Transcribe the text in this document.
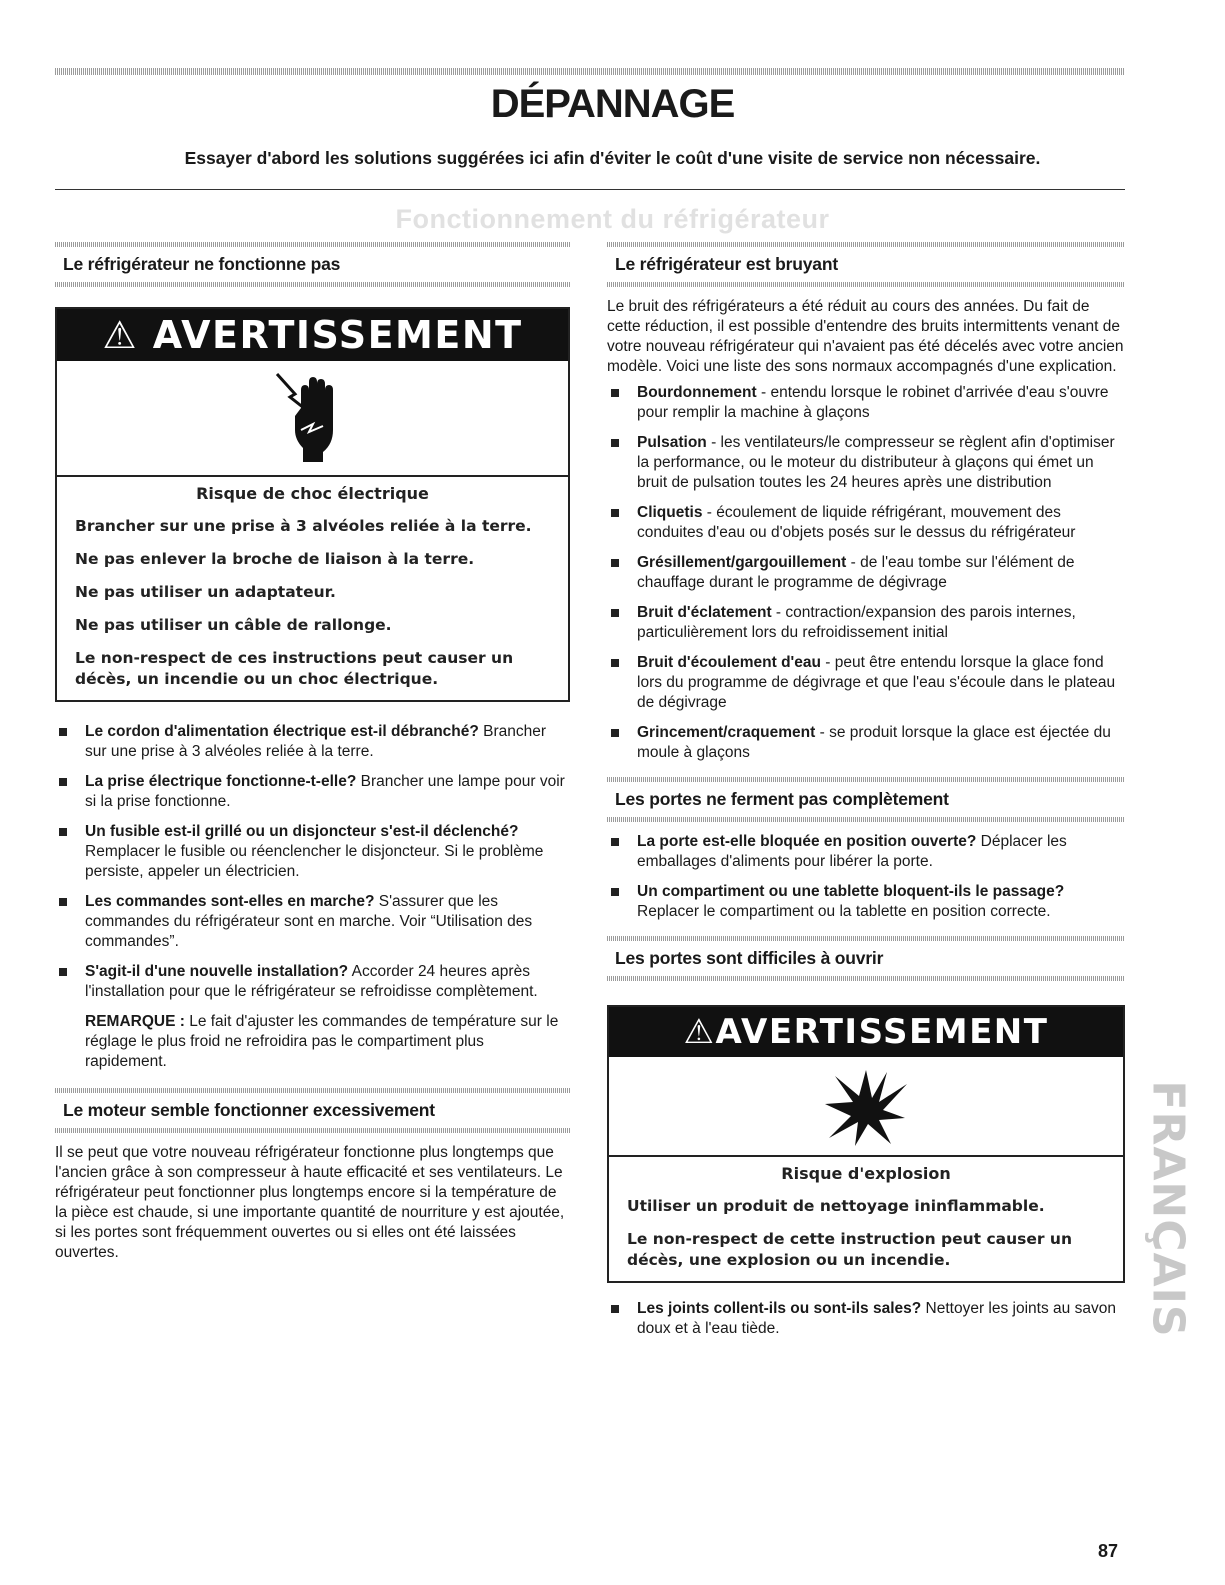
DÉPANNAGE

Essayer d'abord les solutions suggérées ici afin d'éviter le coût d'une visite de service non nécessaire.

Fonctionnement du réfrigérateur
Le réfrigérateur ne fonctionne pas
⚠ AVERTISSEMENT

Risque de choc électrique

Brancher sur une prise à 3 alvéoles reliée à la terre.

Ne pas enlever la broche de liaison à la terre.

Ne pas utiliser un adaptateur.

Ne pas utiliser un câble de rallonge.

Le non-respect de ces instructions peut causer un décès, un incendie ou un choc électrique.

Le cordon d'alimentation électrique est-il débranché? Brancher sur une prise à 3 alvéoles reliée à la terre.
La prise électrique fonctionne-t-elle? Brancher une lampe pour voir si la prise fonctionne.
Un fusible est-il grillé ou un disjoncteur s'est-il déclenché? Remplacer le fusible ou réenclencher le disjoncteur. Si le problème persiste, appeler un électricien.
Les commandes sont-elles en marche? S'assurer que les commandes du réfrigérateur sont en marche. Voir “Utilisation des commandes”.
S'agit-il d'une nouvelle installation? Accorder 24 heures après l'installation pour que le réfrigérateur se refroidisse complètement.

REMARQUE : Le fait d'ajuster les commandes de température sur le réglage le plus froid ne refroidira pas le compartiment plus rapidement.

Le moteur semble fonctionner excessivement

Il se peut que votre nouveau réfrigérateur fonctionne plus longtemps que l'ancien grâce à son compresseur à haute efficacité et ses ventilateurs. Le réfrigérateur peut fonctionner plus longtemps encore si la température de la pièce est chaude, si une importante quantité de nourriture y est ajoutée, si les portes sont fréquemment ouvertes ou si elles ont été laissées ouvertes.

Le réfrigérateur est bruyant

Le bruit des réfrigérateurs a été réduit au cours des années. Du fait de cette réduction, il est possible d'entendre des bruits intermittents venant de votre nouveau réfrigérateur qui n'avaient pas été décelés avec votre ancien modèle. Voici une liste des sons normaux accompagnés d'une explication.

Bourdonnement - entendu lorsque le robinet d'arrivée d'eau s'ouvre pour remplir la machine à glaçons
Pulsation - les ventilateurs/le compresseur se règlent afin d'optimiser la performance, ou le moteur du distributeur à glaçons qui émet un bruit de pulsation toutes les 24 heures après une distribution
Cliquetis - écoulement de liquide réfrigérant, mouvement des conduites d'eau ou d'objets posés sur le dessus du réfrigérateur
Grésillement/gargouillement - de l'eau tombe sur l'élément de chauffage durant le programme de dégivrage
Bruit d'éclatement - contraction/expansion des parois internes, particulièrement lors du refroidissement initial
Bruit d'écoulement d'eau - peut être entendu lorsque la glace fond lors du programme de dégivrage et que l'eau s'écoule dans le plateau de dégivrage
Grincement/craquement - se produit lorsque la glace est éjectée du moule à glaçons
Les portes ne ferment pas complètement
La porte est-elle bloquée en position ouverte? Déplacer les emballages d'aliments pour libérer la porte.
Un compartiment ou une tablette bloquent-ils le passage? Replacer le compartiment ou la tablette en position correcte.
Les portes sont difficiles à ouvrir
⚠AVERTISSEMENT

Risque d'explosion

Utiliser un produit de nettoyage ininflammable.

Le non-respect de cette instruction peut causer un décès, une explosion ou un incendie.

Les joints collent-ils ou sont-ils sales? Nettoyer les joints au savon doux et à l'eau tiède.	FRANÇAIS
87
